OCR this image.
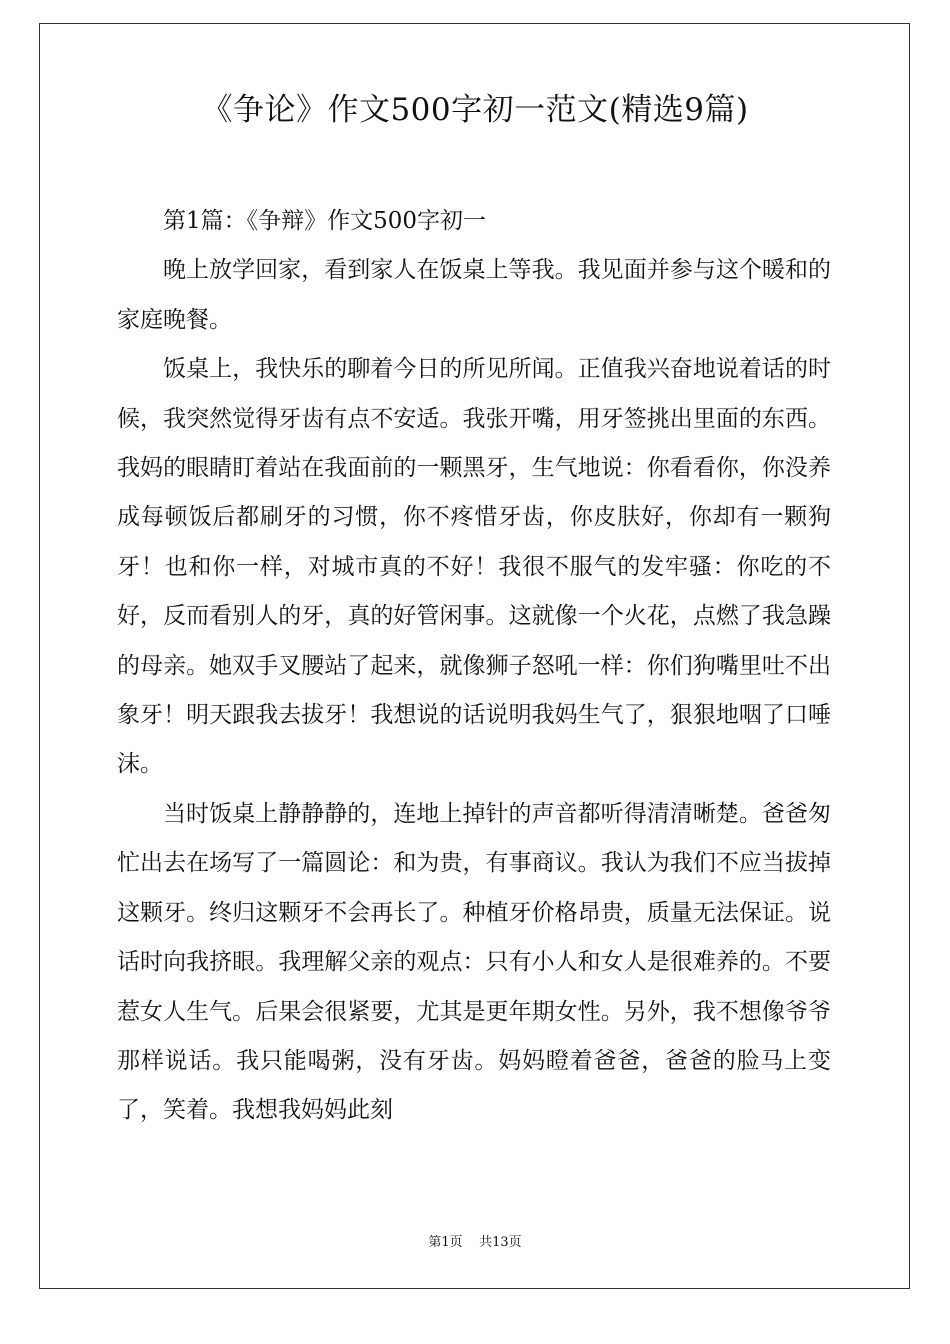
《争论》作文500字初一范文(精选9篇)

第1篇：《争辩》作文500字初一

晚上放学回家，看到家人在饭桌上等我。我见面并参与这个暖和的家庭晚餐。

饭桌上，我快乐的聊着今日的所见所闻。正值我兴奋地说着话的时候，我突然觉得牙齿有点不安适。我张开嘴，用牙签挑出里面的东西。我妈的眼睛盯着站在我面前的一颗黑牙，生气地说：你看看你，你没养成每顿饭后都刷牙的习惯，你不疼惜牙齿，你皮肤好，你却有一颗狗牙！也和你一样，对城市真的不好！我很不服气的发牢骚：你吃的不好，反而看别人的牙，真的好管闲事。这就像一个火花，点燃了我急躁的母亲。她双手叉腰站了起来，就像狮子怒吼一样：你们狗嘴里吐不出象牙！明天跟我去拔牙！我想说的话说明我妈生气了，狠狠地咽了口唾沫。

当时饭桌上静静静的，连地上掉针的声音都听得清清晰楚。爸爸匆忙出去在场写了一篇圆论：和为贵，有事商议。我认为我们不应当拔掉这颗牙。终归这颗牙不会再长了。种植牙价格昂贵，质量无法保证。说话时向我挤眼。我理解父亲的观点：只有小人和女人是很难养的。不要惹女人生气。后果会很紧要，尤其是更年期女性。另外，我不想像爷爷那样说话。我只能喝粥，没有牙齿。妈妈瞪着爸爸，爸爸的脸马上变了，笑着。我想我妈妈此刻

第1页    共13页
